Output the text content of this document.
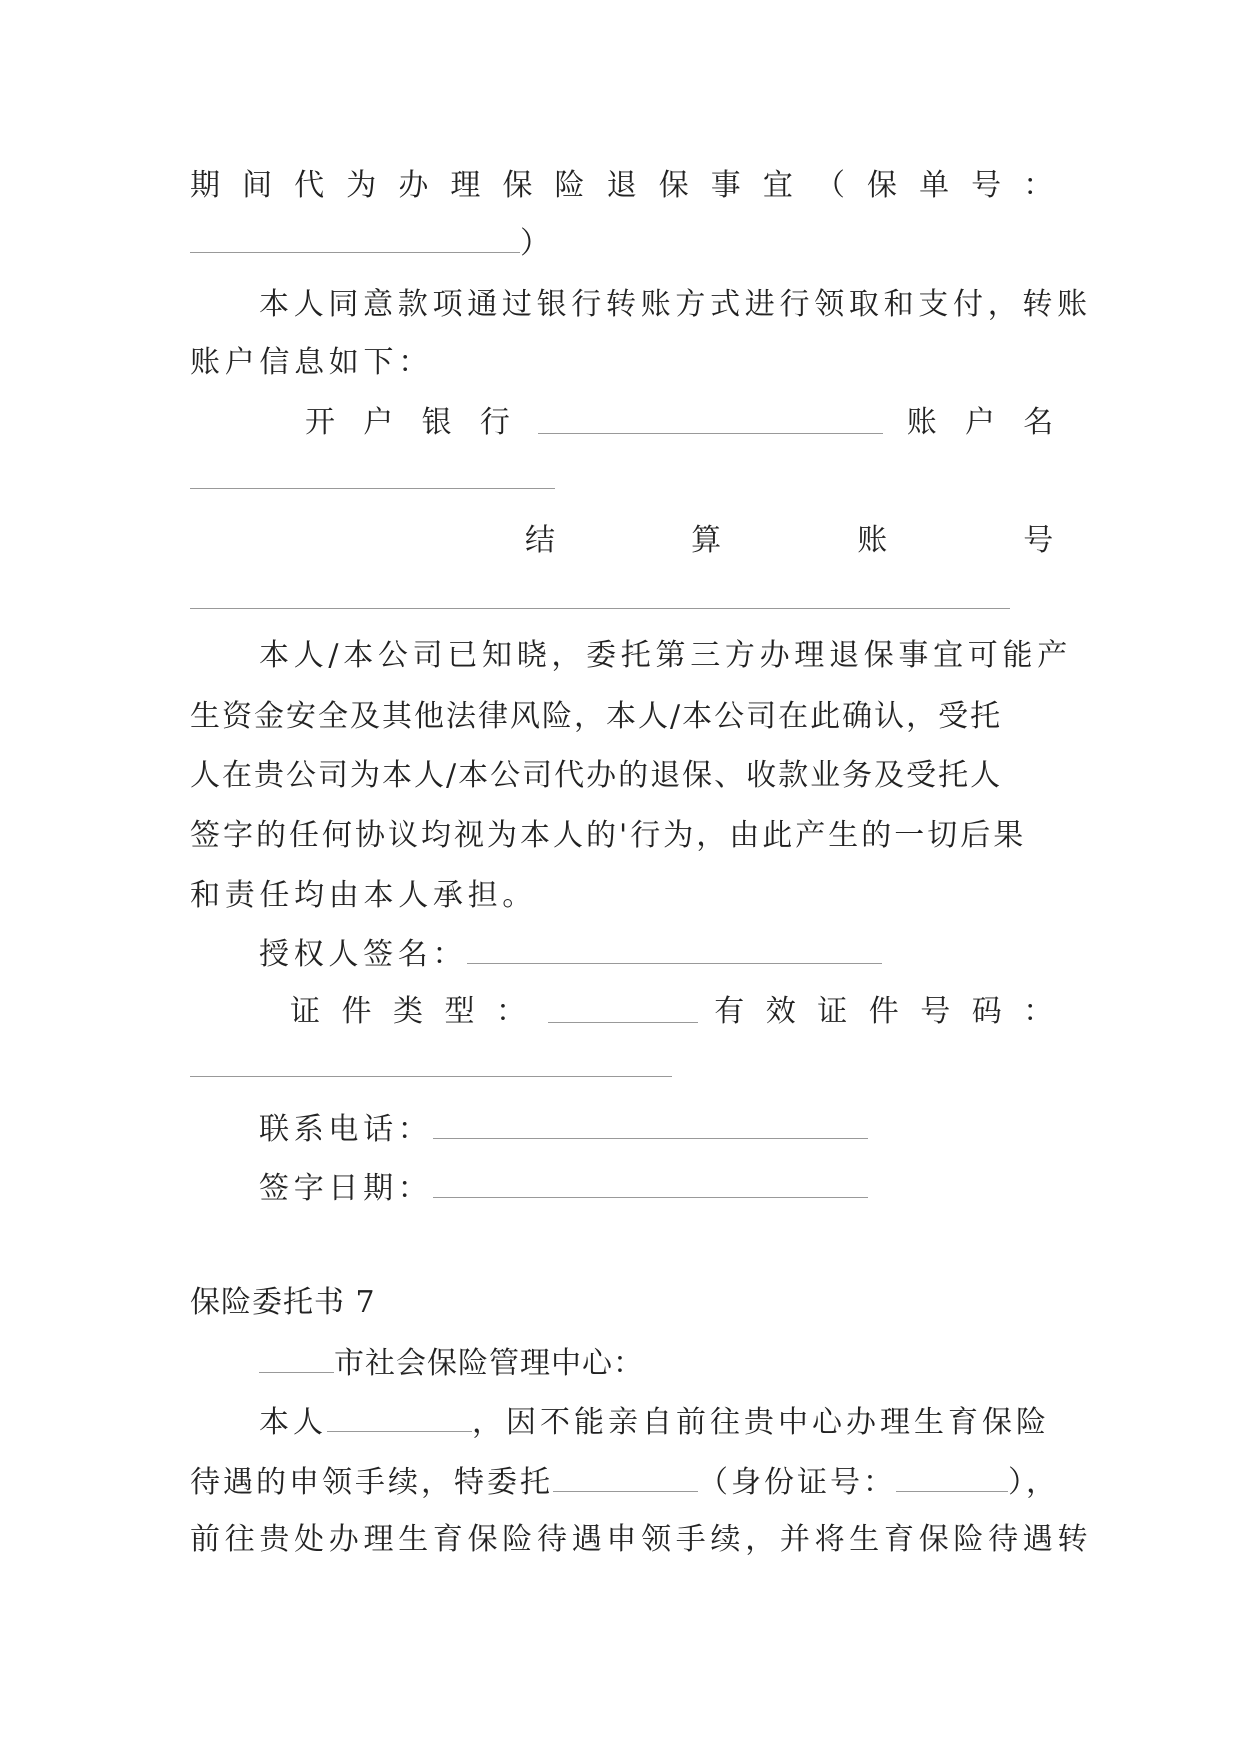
期 间 代 为 办 理 保 险 退 保 事 宜 （ 保 单 号 ：
）
本人同意款项通过银行转账方式进行领取和支付，转账
账户信息如下：
开 户 银 行	账 户 名
结	算	账	号
本人/本公司已知晓，委托第三方办理退保事宜可能产
生资金安全及其他法律风险，本人/本公司在此确认，受托
人在贵公司为本人/本公司代办的退保、收款业务及受托人
签字的任何协议均视为本人的'行为，由此产生的一切后果
和责任均由本人承担。
授权人签名：
证 件 类 型 ：	有 效 证 件 号 码 ：
联系电话：
签字日期：
保险委托书 7
市社会保险管理中心：
本人	，因不能亲自前往贵中心办理生育保险
待遇的申领手续，特委托	（身份证号：	），
前往贵处办理生育保险待遇申领手续，并将生育保险待遇转
